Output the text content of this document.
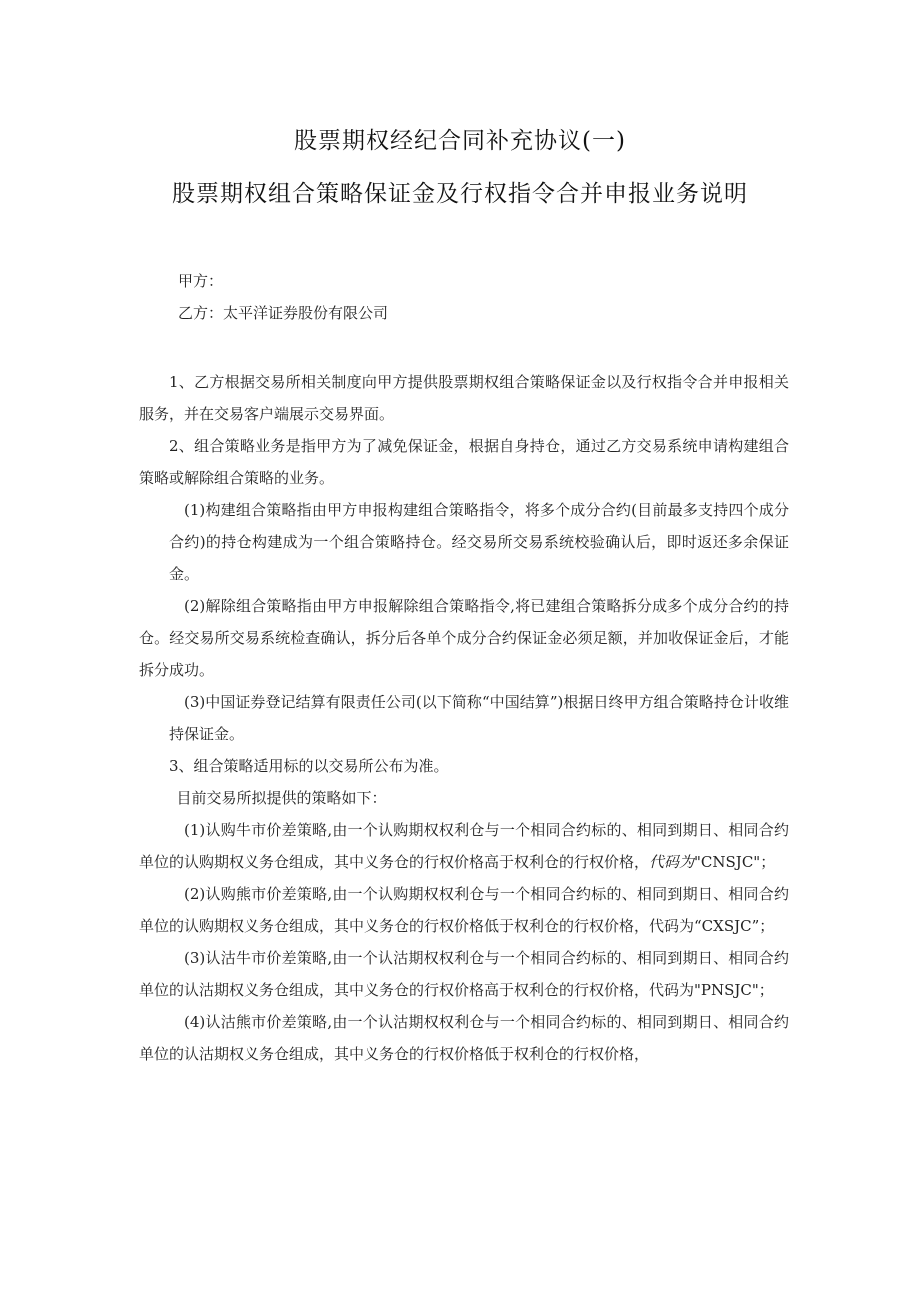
股票期权经纪合同补充协议(一)
股票期权组合策略保证金及行权指令合并申报业务说明
甲方：
乙方：太平洋证券股份有限公司

1、乙方根据交易所相关制度向甲方提供股票期权组合策略保证金以及行权指令合并申报相关服务，并在交易客户端展示交易界面。

2、组合策略业务是指甲方为了减免保证金，根据自身持仓，通过乙方交易系统申请构建组合策略或解除组合策略的业务。

(1)构建组合策略指由甲方申报构建组合策略指令，将多个成分合约(目前最多支持四个成分合约)的持仓构建成为一个组合策略持仓。经交易所交易系统校验确认后，即时返还多余保证金。

(2)解除组合策略指由甲方申报解除组合策略指令,将已建组合策略拆分成多个成分合约的持仓。经交易所交易系统检查确认，拆分后各单个成分合约保证金必须足额，并加收保证金后，才能拆分成功。

(3)中国证券登记结算有限责任公司(以下简称“中国结算”)根据日终甲方组合策略持仓计收维持保证金。

3、组合策略适用标的以交易所公布为准。

目前交易所拟提供的策略如下：

(1)认购牛市价差策略,由一个认购期权权利仓与一个相同合约标的、相同到期日、相同合约单位的认购期权义务仓组成，其中义务仓的行权价格高于权利仓的行权价格，代码为"CNSJC"；

(2)认购熊市价差策略,由一个认购期权权利仓与一个相同合约标的、相同到期日、相同合约单位的认购期权义务仓组成，其中义务仓的行权价格低于权利仓的行权价格，代码为“CXSJC”；

(3)认沽牛市价差策略,由一个认沽期权权利仓与一个相同合约标的、相同到期日、相同合约单位的认沽期权义务仓组成，其中义务仓的行权价格高于权利仓的行权价格，代码为"PNSJC"；

(4)认沽熊市价差策略,由一个认沽期权权利仓与一个相同合约标的、相同到期日、相同合约单位的认沽期权义务仓组成，其中义务仓的行权价格低于权利仓的行权价格，
